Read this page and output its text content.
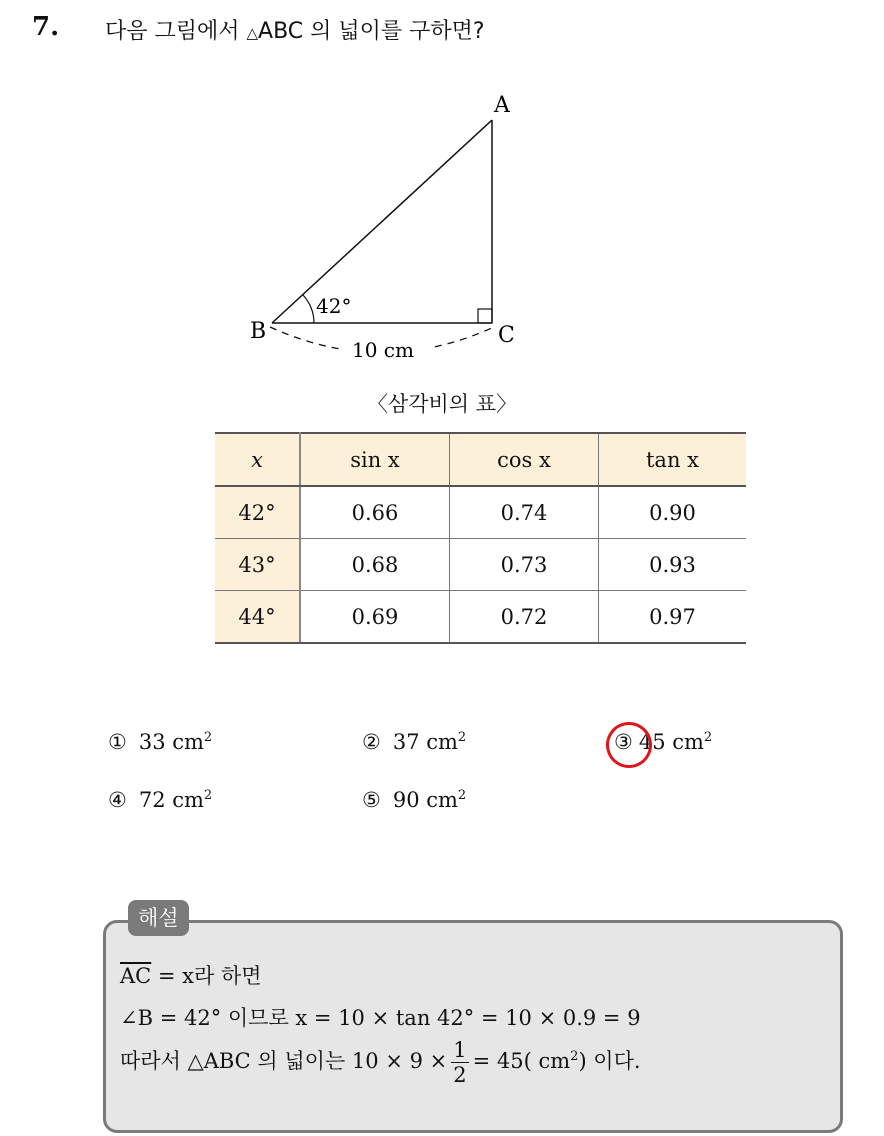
7. 다음 그림에서 △ABC 의 넓이를 구하면?
A
B	C
42°
10 cm
〈삼각비의 표〉
x	sin x	cos x	tan x
42°	0.66	0.74	0.90
43°	0.68	0.73	0.93
44°	0.69	0.72	0.97
① 33 $cm^2$	② 37 $cm^2$	③ 45 $cm^2$
④ 72 $cm^2$	⑤ 90 $cm^2$
해설
$\overline{AC} = x$라 하면
∠B = 42° 이므로 x = 10 × tan 42° = 10 × 0.9 = 9
따라서 △ABC 의 넓이는 $10 \times 9 \times \frac{1}{2} = 45$( $cm^2$) 이다.
